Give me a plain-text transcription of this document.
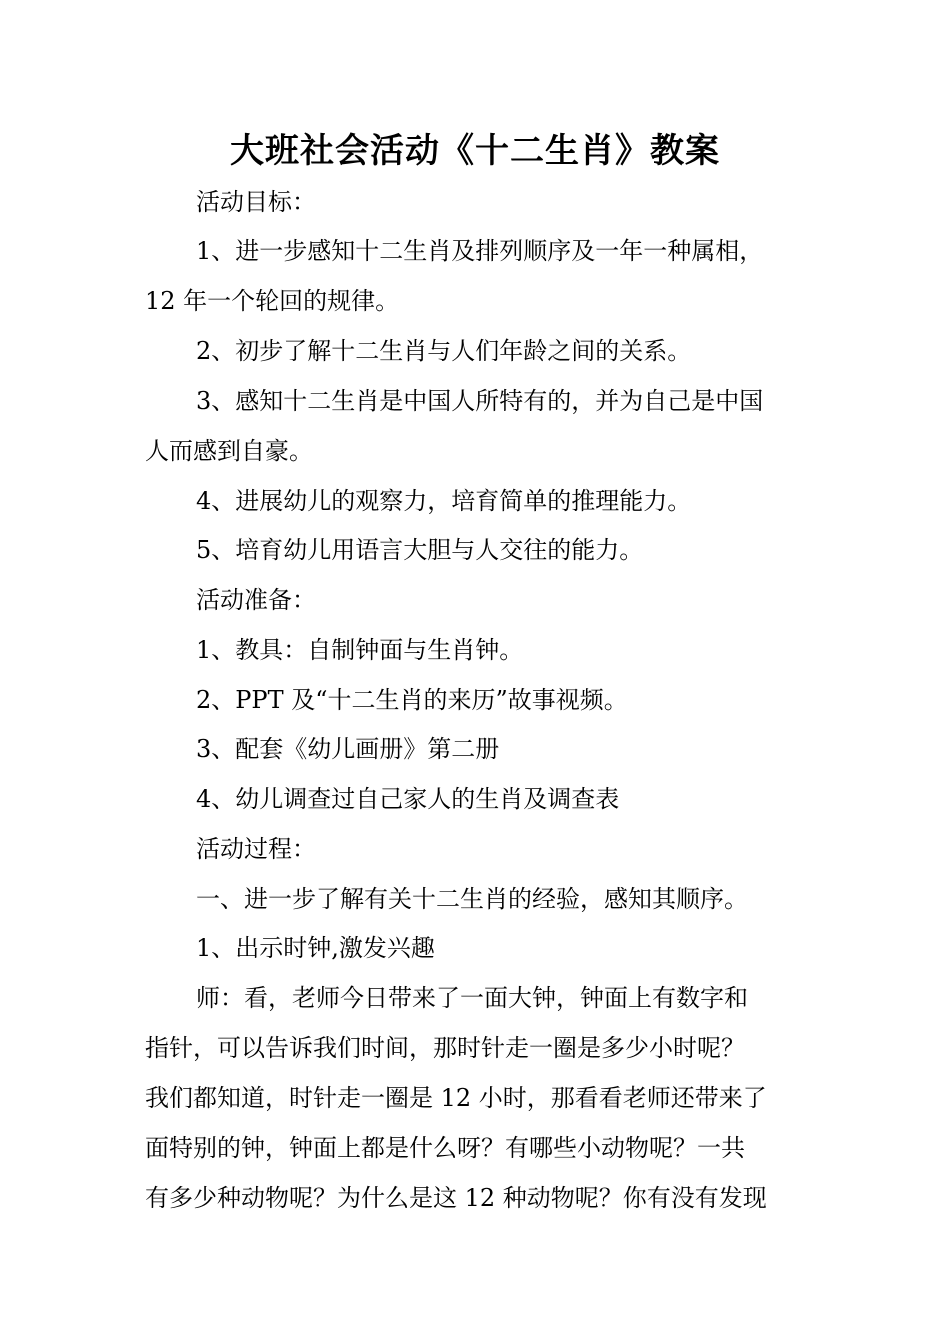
大班社会活动《十二生肖》教案
活动目标：
1、进一步感知十二生肖及排列顺序及一年一种属相，
12 年一个轮回的规律。
2、初步了解十二生肖与人们年龄之间的关系。
3、感知十二生肖是中国人所特有的，并为自己是中国
人而感到自豪。
4、进展幼儿的观察力，培育简单的推理能力。
5、培育幼儿用语言大胆与人交往的能力。
活动准备：
1、教具：自制钟面与生肖钟。
2、PPT 及“十二生肖的来历”故事视频。
3、配套《幼儿画册》第二册
4、幼儿调查过自己家人的生肖及调查表
活动过程：
一、进一步了解有关十二生肖的经验，感知其顺序。
1、出示时钟,激发兴趣
师：看，老师今日带来了一面大钟，钟面上有数字和
指针，可以告诉我们时间，那时针走一圈是多少小时呢？
我们都知道，时针走一圈是 12 小时，那看看老师还带来了
面特别的钟，钟面上都是什么呀？有哪些小动物呢？一共
有多少种动物呢？为什么是这 12 种动物呢？你有没有发现
